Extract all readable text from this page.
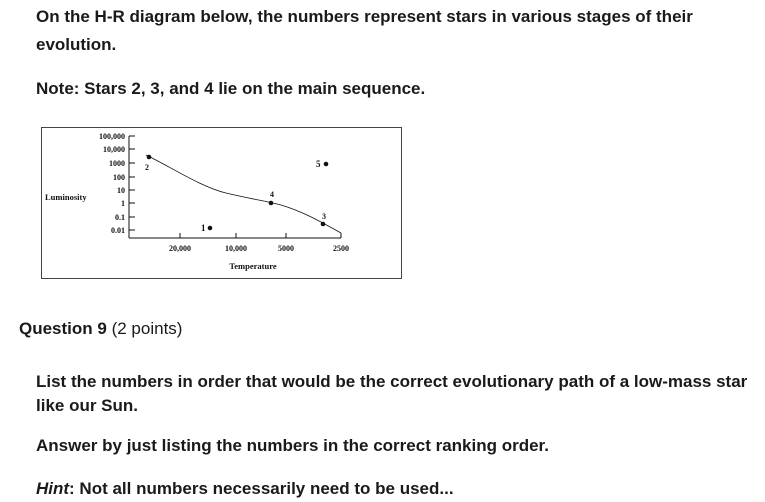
On the H-R diagram below, the numbers represent stars in various stages of their evolution.
Note: Stars 2, 3, and 4 lie on the main sequence.
Luminosity
100,000
10,000
1000
100
10
1
0.1
0.01
20,000	10,000	5000	2500
Temperature
2
4
3
1
5
Question 9 (2 points)
List the numbers in order that would be the correct evolutionary path of a low-mass star like our Sun.
Answer by just listing the numbers in the correct ranking order.
Hint: Not all numbers necessarily need to be used...
